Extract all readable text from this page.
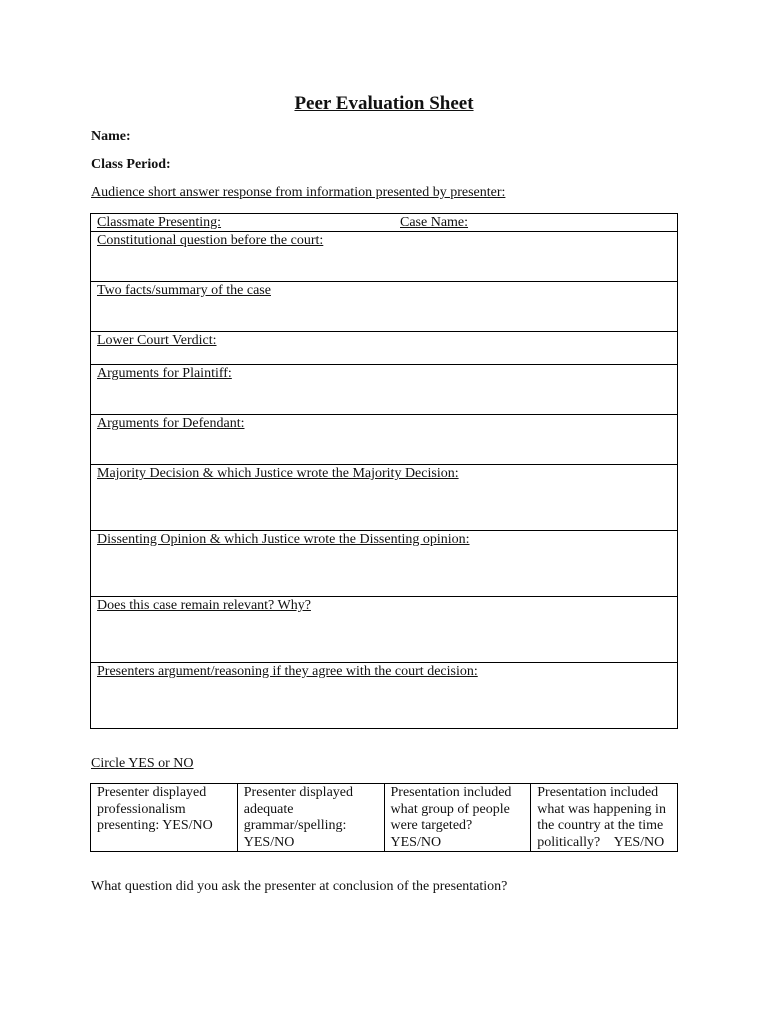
Peer Evaluation Sheet
Name:
Class Period:
Audience short answer response from information presented by presenter:
Classmate Presenting:	Case Name:

Constitutional question before the court:
Two facts/summary of the case
Lower Court Verdict:
Arguments for Plaintiff:
Arguments for Defendant:
Majority Decision & which Justice wrote the Majority Decision:
Dissenting Opinion & which Justice wrote the Dissenting opinion:
Does this case remain relevant? Why?
Presenters argument/reasoning if they agree with the court decision:
Circle YES or NO
Presenter displayed
professionalism
presenting: YES/NO

Presenter displayed
adequate
grammar/spelling:
YES/NO

Presentation included
what group of people
were targeted?
YES/NO

Presentation included
what was happening in
the country at the time
politically?    YES/NO
What question did you ask the presenter at conclusion of the presentation?
